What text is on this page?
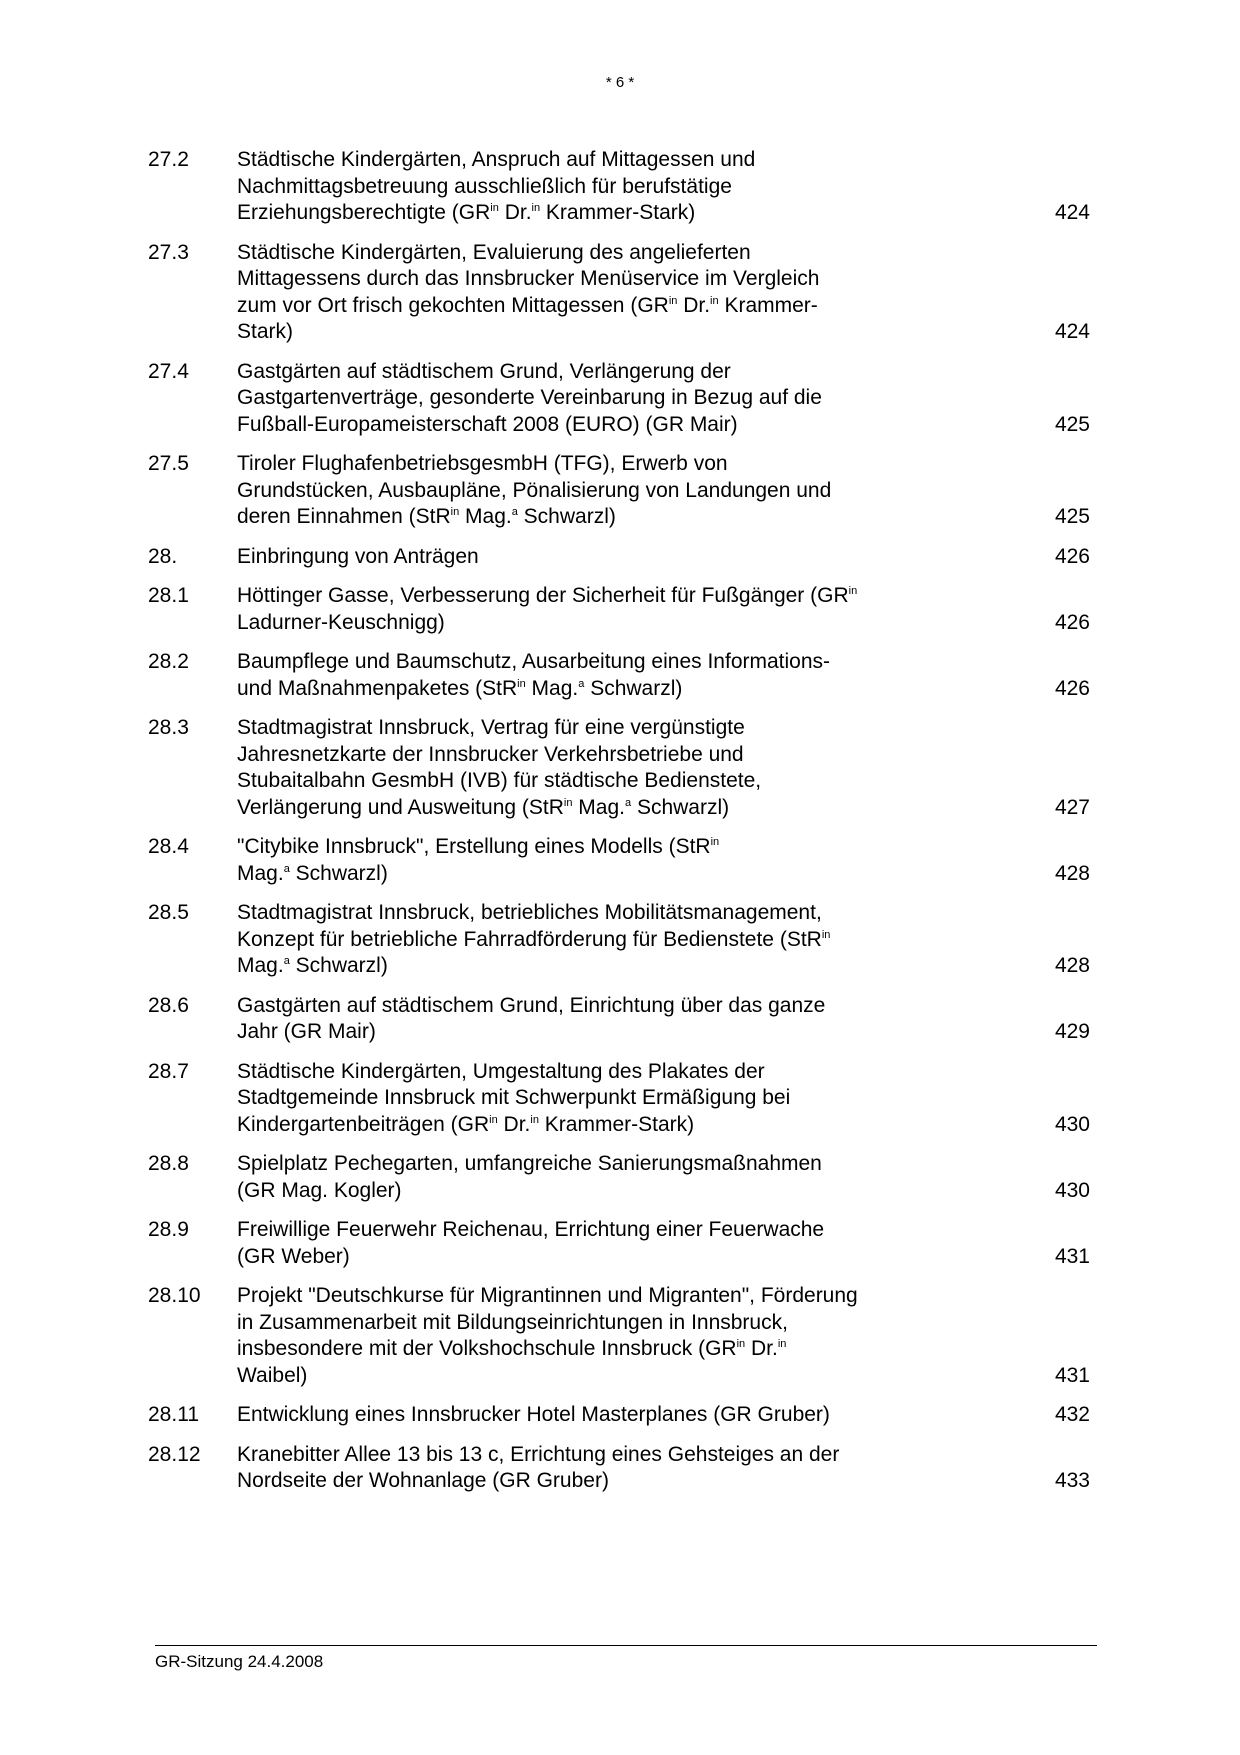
* 6 *
27.2	Städtische Kindergärten, Anspruch auf Mittagessen und
Nachmittagsbetreuung ausschließlich für berufstätige
Erziehungsberechtigte ($GR^{in}$ Dr.$^{in}$ Krammer-Stark)	424
27.3	Städtische Kindergärten, Evaluierung des angelieferten
Mittagessens durch das Innsbrucker Menüservice im Vergleich
zum vor Ort frisch gekochten Mittagessen ($GR^{in}$ Dr.$^{in}$ Krammer-
Stark)	424
27.4	Gastgärten auf städtischem Grund, Verlängerung der
Gastgartenverträge, gesonderte Vereinbarung in Bezug auf die
Fußball-Europameisterschaft 2008 (EURO) (GR Mair)	425
27.5	Tiroler FlughafenbetriebsgesmbH (TFG), Erwerb von
Grundstücken, Ausbaupläne, Pönalisierung von Landungen und
deren Einnahmen (StR$^{in}$ Mag.$^a$ Schwarzl)	425
28.	Einbringung von Anträgen	426
28.1	Höttinger Gasse, Verbesserung der Sicherheit für Fußgänger ($GR^{in}$
Ladurner-Keuschnigg)	426
28.2	Baumpflege und Baumschutz, Ausarbeitung eines Informations-
und Maßnahmenpaketes (StR$^{in}$ Mag.$^a$ Schwarzl)	426
28.3	Stadtmagistrat Innsbruck, Vertrag für eine vergünstigte
Jahresnetzkarte der Innsbrucker Verkehrsbetriebe und
Stubaitalbahn GesmbH (IVB) für städtische Bedienstete,
Verlängerung und Ausweitung (StR$^{in}$ Mag.$^a$ Schwarzl)	427
28.4	"Citybike Innsbruck", Erstellung eines Modells (StR$^{in}$
Mag.$^a$ Schwarzl)	428
28.5	Stadtmagistrat Innsbruck, betriebliches Mobilitätsmanagement,
Konzept für betriebliche Fahrradförderung für Bedienstete (StR$^{in}$
Mag.$^a$ Schwarzl)	428
28.6	Gastgärten auf städtischem Grund, Einrichtung über das ganze
Jahr (GR Mair)	429
28.7	Städtische Kindergärten, Umgestaltung des Plakates der
Stadtgemeinde Innsbruck mit Schwerpunkt Ermäßigung bei
Kindergartenbeiträgen ($GR^{in}$ Dr.$^{in}$ Krammer-Stark)	430
28.8	Spielplatz Pechegarten, umfangreiche Sanierungsmaßnahmen
(GR Mag. Kogler)	430
28.9	Freiwillige Feuerwehr Reichenau, Errichtung einer Feuerwache
(GR Weber)	431
28.10	Projekt "Deutschkurse für Migrantinnen und Migranten", Förderung
in Zusammenarbeit mit Bildungseinrichtungen in Innsbruck,
insbesondere mit der Volkshochschule Innsbruck ($GR^{in}$ Dr.$^{in}$
Waibel)	431
28.11	Entwicklung eines Innsbrucker Hotel Masterplanes (GR Gruber)	432
28.12	Kranebitter Allee 13 bis 13 c, Errichtung eines Gehsteiges an der
Nordseite der Wohnanlage (GR Gruber)	433
GR-Sitzung 24.4.2008
